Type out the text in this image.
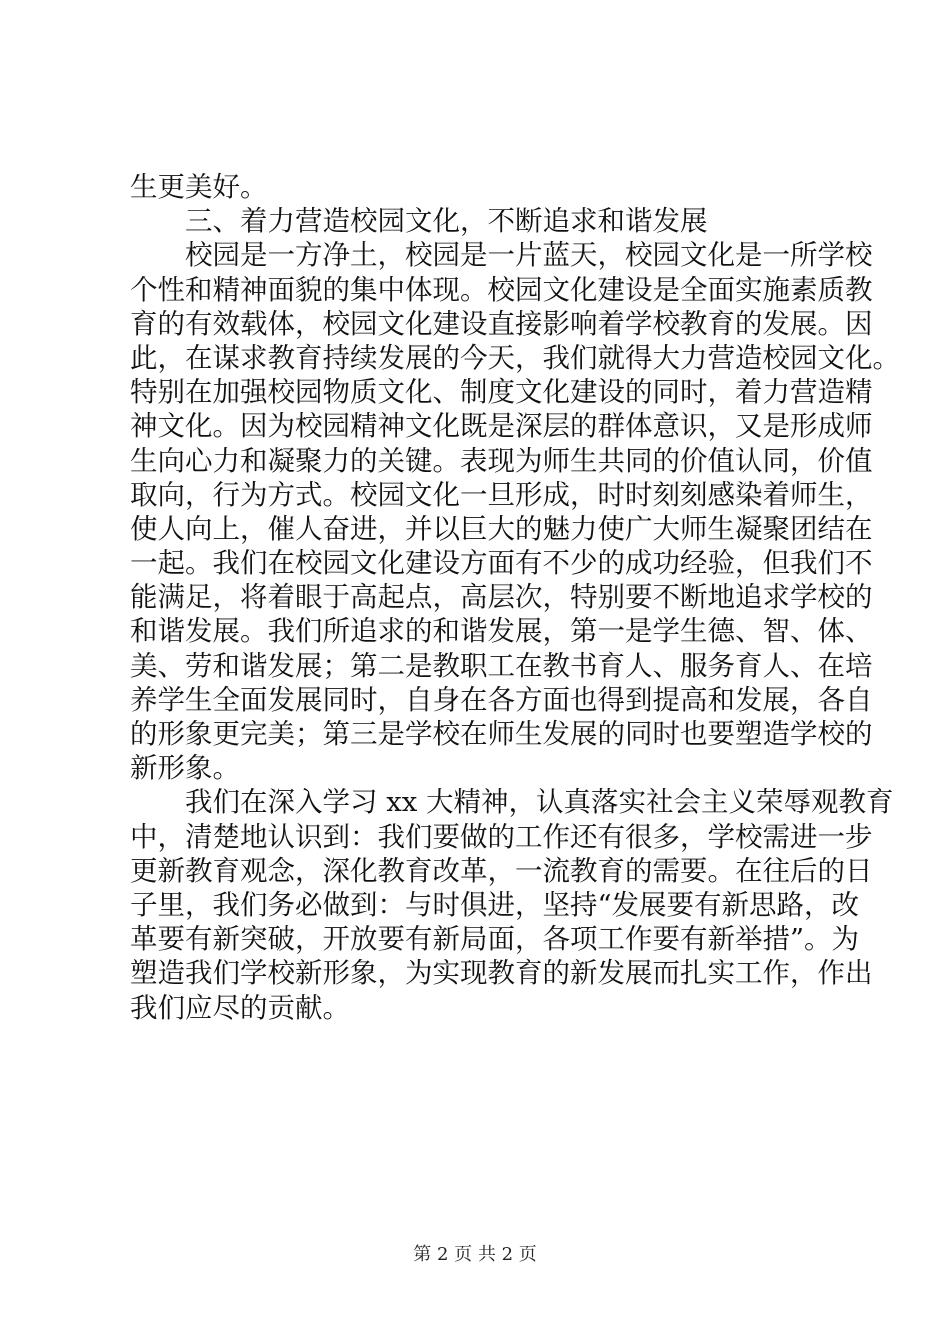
生更美好。
三、着力营造校园文化，不断追求和谐发展
校园是一方净土，校园是一片蓝天，校园文化是一所学校
个性和精神面貌的集中体现。校园文化建设是全面实施素质教
育的有效载体，校园文化建设直接影响着学校教育的发展。因
此，在谋求教育持续发展的今天，我们就得大力营造校园文化。
特别在加强校园物质文化、制度文化建设的同时，着力营造精
神文化。因为校园精神文化既是深层的群体意识，又是形成师
生向心力和凝聚力的关键。表现为师生共同的价值认同，价值
取向，行为方式。校园文化一旦形成，时时刻刻感染着师生，
使人向上，催人奋进，并以巨大的魅力使广大师生凝聚团结在
一起。我们在校园文化建设方面有不少的成功经验，但我们不
能满足，将着眼于高起点，高层次，特别要不断地追求学校的
和谐发展。我们所追求的和谐发展，第一是学生德、智、体、
美、劳和谐发展；第二是教职工在教书育人、服务育人、在培
养学生全面发展同时，自身在各方面也得到提高和发展，各自
的形象更完美；第三是学校在师生发展的同时也要塑造学校的
新形象。
我们在深入学习 xx 大精神，认真落实社会主义荣辱观教育
中，清楚地认识到：我们要做的工作还有很多，学校需进一步
更新教育观念，深化教育改革，一流教育的需要。在往后的日
子里，我们务必做到：与时俱进，坚持“发展要有新思路，改
革要有新突破，开放要有新局面，各项工作要有新举措”。为
塑造我们学校新形象，为实现教育的新发展而扎实工作，作出
我们应尽的贡献。
第 2 页 共 2 页
